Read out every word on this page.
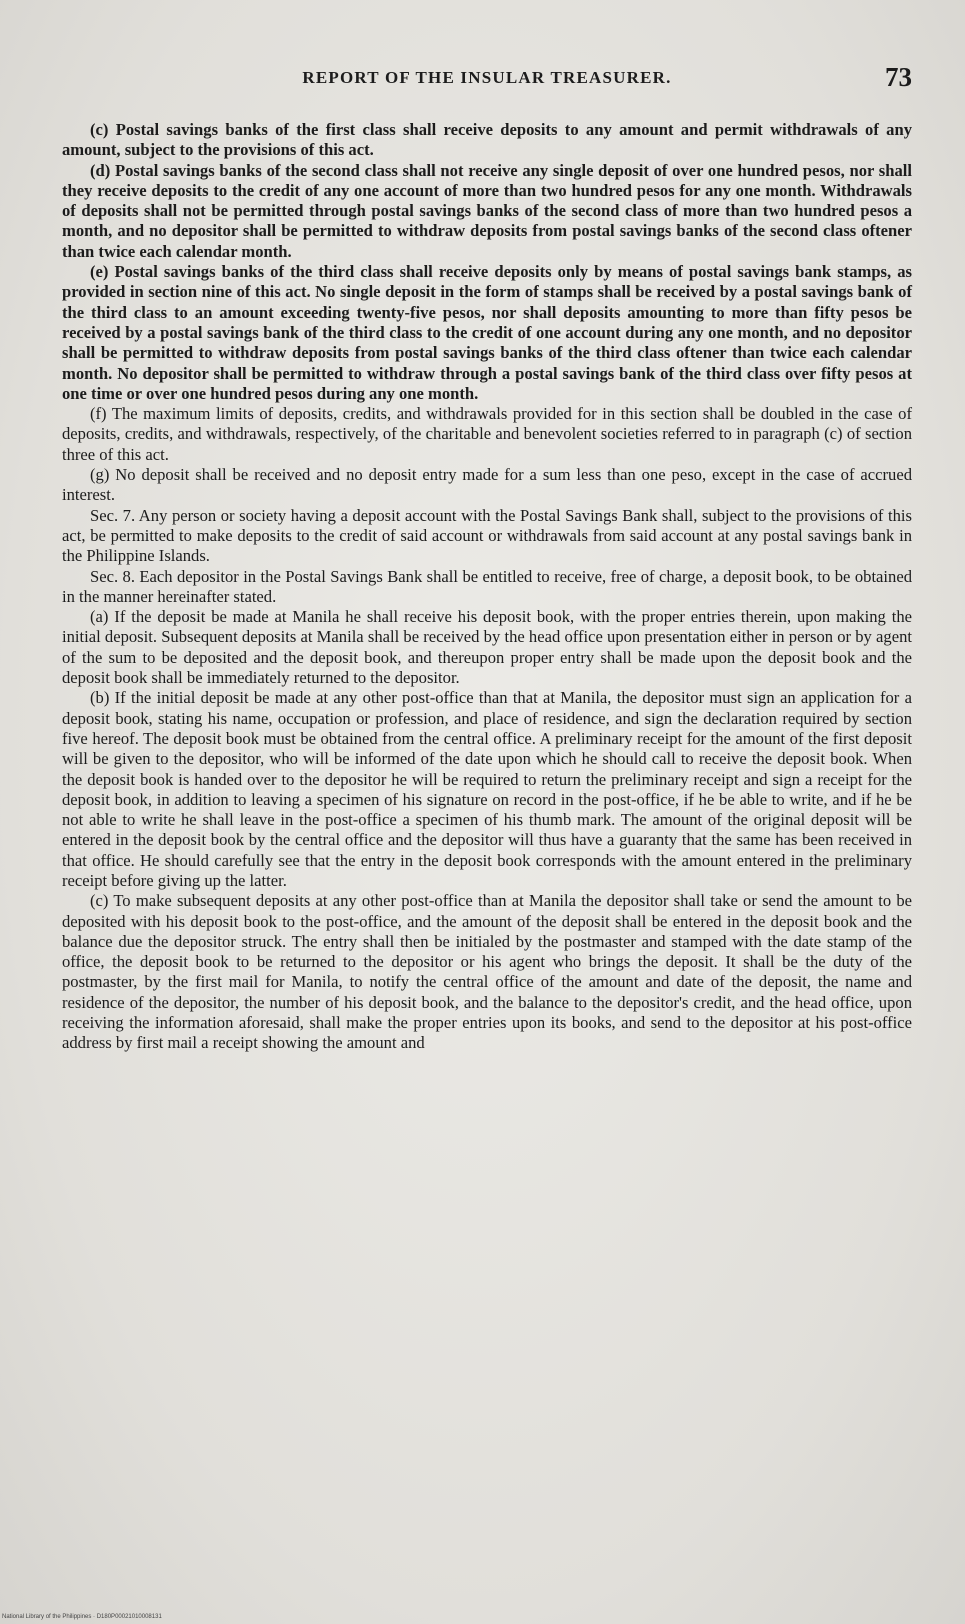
REPORT OF THE INSULAR TREASURER.	73

(c) Postal savings banks of the first class shall receive deposits to any amount and permit withdrawals of any amount, subject to the provisions of this act.

(d) Postal savings banks of the second class shall not receive any single deposit of over one hundred pesos, nor shall they receive deposits to the credit of any one account of more than two hundred pesos for any one month. Withdrawals of deposits shall not be permitted through postal savings banks of the second class of more than two hundred pesos a month, and no depositor shall be permitted to withdraw deposits from postal savings banks of the second class oftener than twice each calendar month.

(e) Postal savings banks of the third class shall receive deposits only by means of postal savings bank stamps, as provided in section nine of this act. No single deposit in the form of stamps shall be received by a postal savings bank of the third class to an amount exceeding twenty-five pesos, nor shall deposits amounting to more than fifty pesos be received by a postal savings bank of the third class to the credit of one account during any one month, and no depositor shall be permitted to withdraw deposits from postal savings banks of the third class oftener than twice each calendar month. No depositor shall be permitted to withdraw through a postal savings bank of the third class over fifty pesos at one time or over one hundred pesos during any one month.

(f) The maximum limits of deposits, credits, and withdrawals provided for in this section shall be doubled in the case of deposits, credits, and withdrawals, respectively, of the charitable and benevolent societies referred to in paragraph (c) of section three of this act.

(g) No deposit shall be received and no deposit entry made for a sum less than one peso, except in the case of accrued interest.

Sec. 7. Any person or society having a deposit account with the Postal Savings Bank shall, subject to the provisions of this act, be permitted to make deposits to the credit of said account or withdrawals from said account at any postal savings bank in the Philippine Islands.

Sec. 8. Each depositor in the Postal Savings Bank shall be entitled to receive, free of charge, a deposit book, to be obtained in the manner hereinafter stated.

(a) If the deposit be made at Manila he shall receive his deposit book, with the proper entries therein, upon making the initial deposit. Subsequent deposits at Manila shall be received by the head office upon presentation either in person or by agent of the sum to be deposited and the deposit book, and thereupon proper entry shall be made upon the deposit book and the deposit book shall be immediately returned to the depositor.

(b) If the initial deposit be made at any other post-office than that at Manila, the depositor must sign an application for a deposit book, stating his name, occupation or profession, and place of residence, and sign the declaration required by section five hereof. The deposit book must be obtained from the central office. A preliminary receipt for the amount of the first deposit will be given to the depositor, who will be informed of the date upon which he should call to receive the deposit book. When the deposit book is handed over to the depositor he will be required to return the preliminary receipt and sign a receipt for the deposit book, in addition to leaving a specimen of his signature on record in the post-office, if he be able to write, and if he be not able to write he shall leave in the post-office a specimen of his thumb mark. The amount of the original deposit will be entered in the deposit book by the central office and the depositor will thus have a guaranty that the same has been received in that office. He should carefully see that the entry in the deposit book corresponds with the amount entered in the preliminary receipt before giving up the latter.

(c) To make subsequent deposits at any other post-office than at Manila the depositor shall take or send the amount to be deposited with his deposit book to the post-office, and the amount of the deposit shall be entered in the deposit book and the balance due the depositor struck. The entry shall then be initialed by the postmaster and stamped with the date stamp of the office, the deposit book to be returned to the depositor or his agent who brings the deposit. It shall be the duty of the postmaster, by the first mail for Manila, to notify the central office of the amount and date of the deposit, the name and residence of the depositor, the number of his deposit book, and the balance to the depositor's credit, and the head office, upon receiving the information aforesaid, shall make the proper entries upon its books, and send to the depositor at his post-office address by first mail a receipt showing the amount and

National Library of the Philippines · D180P00021010008131
